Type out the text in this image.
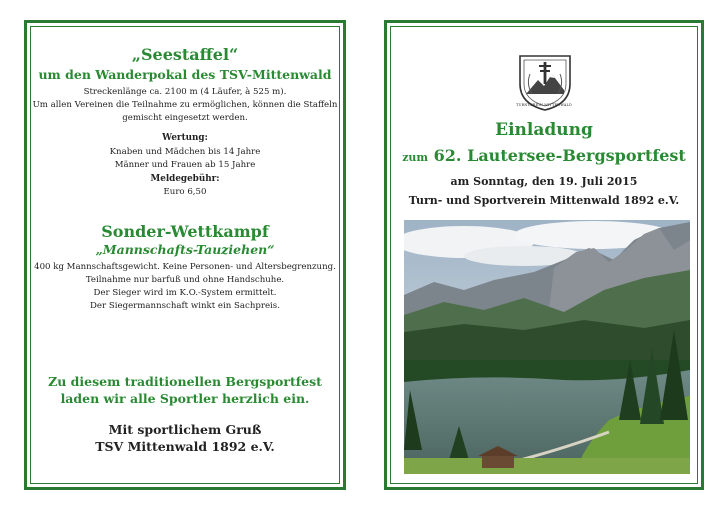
„Seestaffel“
um den Wanderpokal des TSV-Mittenwald
Streckenlänge ca. 2100 m (4 Läufer, à 525 m).
Um allen Vereinen die Teilnahme zu ermöglichen, können die Staffeln
gemischt eingesetzt werden.
Wertung:
Knaben und Mädchen bis 14 Jahre
Männer und Frauen ab 15 Jahre
Meldegebühr:
Euro 6,50
Sonder-Wettkampf
„Mannschafts-Tauziehen“
400 kg Mannschaftsgewicht. Keine Personen- und Altersbegrenzung.
Teilnahme nur barfuß und ohne Handschuhe.
Der Sieger wird im K.O.-System ermittelt.
Der Siegermannschaft winkt ein Sachpreis.
Zu diesem traditionellen Bergsportfest
laden wir alle Sportler herzlich ein.
Mit sportlichem Gruß
TSV Mittenwald 1892 e.V.
TURNVEREIN MITTENWALD
Einladung
zum 62. Lautersee-Bergsportfest
am Sonntag, den 19. Juli 2015
Turn- und Sportverein Mittenwald 1892 e.V.
